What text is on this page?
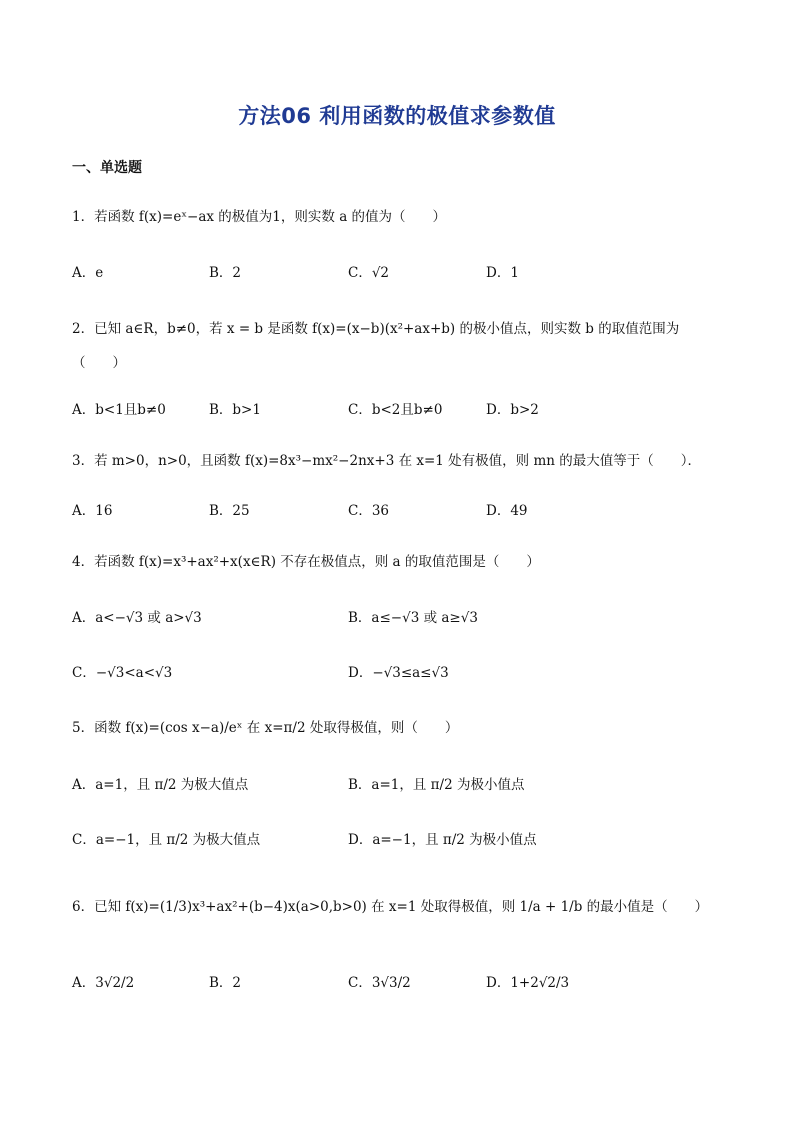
方法06 利用函数的极值求参数值
一、单选题
1．若函数 f(x)=eˣ−ax 的极值为1，则实数 a 的值为（　　）
A．e	B．2	C．√2	D．1
2．已知 a∈R，b≠0，若 x = b 是函数 f(x)=(x−b)(x²+ax+b) 的极小值点，则实数 b 的取值范围为
（　　）
A．b<1且b≠0	B．b>1	C．b<2且b≠0	D．b>2
3．若 m>0，n>0，且函数 f(x)=8x³−mx²−2nx+3 在 x=1 处有极值，则 mn 的最大值等于（　　）．
A．16	B．25	C．36	D．49
4．若函数 f(x)=x³+ax²+x(x∈R) 不存在极值点，则 a 的取值范围是（　　）
A．a<−√3 或 a>√3	B．a≤−√3 或 a≥√3
C．−√3<a<√3	D．−√3≤a≤√3
5．函数 f(x)=(cos x−a)/eˣ 在 x=π/2 处取得极值，则（　　）
A．a=1，且 π/2 为极大值点	B．a=1，且 π/2 为极小值点
C．a=−1，且 π/2 为极大值点	D．a=−1，且 π/2 为极小值点
6．已知 f(x)=(1/3)x³+ax²+(b−4)x(a>0,b>0) 在 x=1 处取得极值，则 1/a + 1/b 的最小值是（　　）
A．3√2/2	B．2	C．3√3/2	D．1+2√2/3
